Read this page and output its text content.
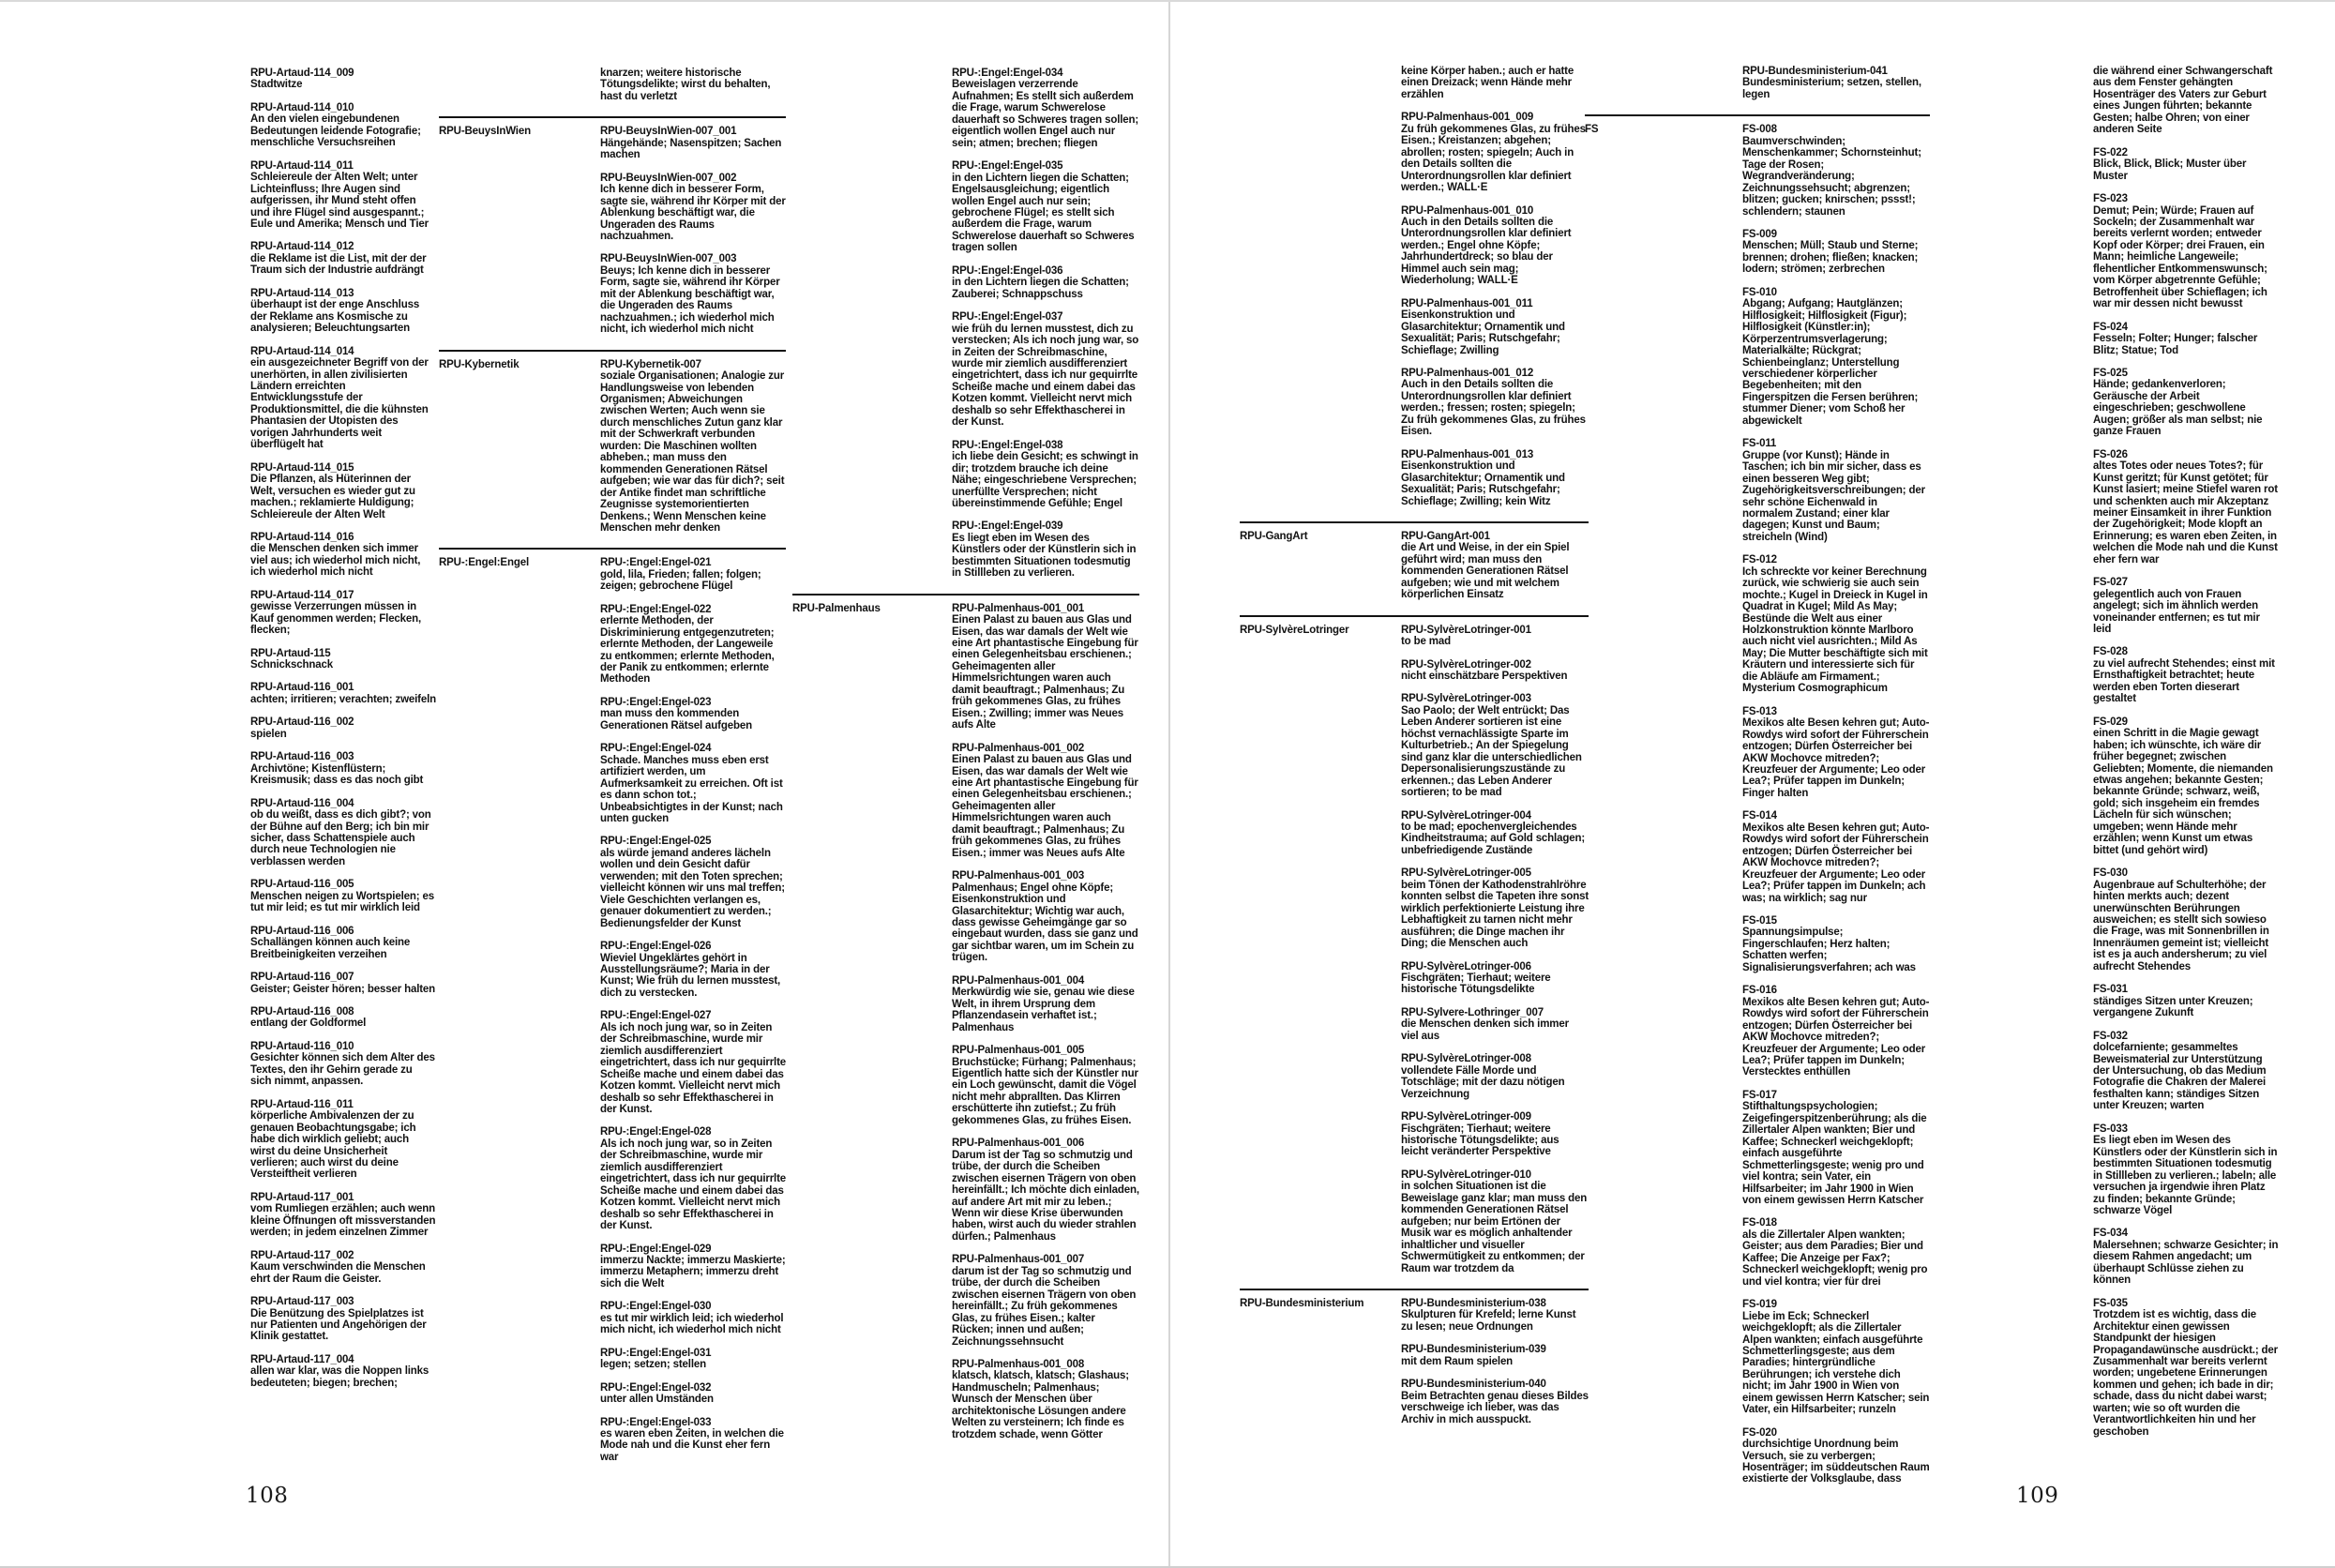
RPU-Artaud-114_009
Stadtwitze
RPU-Artaud-114_010
An den vielen eingebundenen Bedeutungen leidende Fotografie; menschliche Versuchsreihen
RPU-Artaud-114_011
Schleiereule der Alten Welt; unter Lichteinfluss; Ihre Augen sind aufgerissen, ihr Mund steht offen und ihre Flügel sind ausgespannt.; Eule und Amerika; Mensch und Tier
RPU-Artaud-114_012
die Reklame ist die List, mit der der Traum sich der Industrie aufdrängt
RPU-Artaud-114_013
überhaupt ist der enge Anschluss der Reklame ans Kosmische zu analysieren; Beleuchtungsarten
RPU-Artaud-114_014
ein ausgezeichneter Begriff von der unerhörten, in allen zivilisierten Ländern erreichten Entwicklungsstufe der Produktionsmittel, die die kühnsten Phantasien der Utopisten des vorigen Jahrhunderts weit überflügelt hat
RPU-Artaud-114_015
Die Pflanzen, als Hüterinnen der Welt, versuchen es wieder gut zu machen.; reklamierte Huldigung; Schleiereule der Alten Welt
RPU-Artaud-114_016
die Menschen denken sich immer viel aus; ich wiederhol mich nicht, ich wiederhol mich nicht
RPU-Artaud-114_017
gewisse Verzerrungen müssen in Kauf genommen werden; Flecken, flecken;
RPU-Artaud-115
Schnickschnack
RPU-Artaud-116_001
achten; irritieren; verachten; zweifeln
RPU-Artaud-116_002
spielen
RPU-Artaud-116_003
Archivtöne; Kistenflüstern; Kreismusik; dass es das noch gibt
RPU-Artaud-116_004
ob du weißt, dass es dich gibt?; von der Bühne auf den Berg; ich bin mir sicher, dass Schattenspiele auch durch neue Technologien nie verblassen werden
RPU-Artaud-116_005
Menschen neigen zu Wortspielen; es tut mir leid; es tut mir wirklich leid
RPU-Artaud-116_006
Schallängen können auch keine Breitbeinigkeiten verzeihen
RPU-Artaud-116_007
Geister; Geister hören; besser halten
RPU-Artaud-116_008
entlang der Goldformel
RPU-Artaud-116_010
Gesichter können sich dem Alter des Textes, den ihr Gehirn gerade zu sich nimmt, anpassen.
RPU-Artaud-116_011
körperliche Ambivalenzen der zu genauen Beobachtungsgabe; ich habe dich wirklich geliebt; auch wirst du deine Unsicherheit verlieren; auch wirst du deine Versteiftheit verlieren
RPU-Artaud-117_001
vom Rumliegen erzählen; auch wenn kleine Öffnungen oft missverstanden werden; in jedem einzelnen Zimmer
RPU-Artaud-117_002
Kaum verschwinden die Menschen ehrt der Raum die Geister.
RPU-Artaud-117_003
Die Benützung des Spielplatzes ist nur Patienten und Angehörigen der Klinik gestattet.
RPU-Artaud-117_004
allen war klar, was die Noppen links bedeuteten; biegen; brechen;
knarzen; weitere historische Tötungsdelikte; wirst du behalten, hast du verletzt
RPU-BeuysInWien	RPU-BeuysInWien-007_001
Hängehände; Nasenspitzen; Sachen machen
RPU-BeuysInWien-007_002
Ich kenne dich in besserer Form, sagte sie, während ihr Körper mit der Ablenkung beschäftigt war, die Ungeraden des Raums nachzuahmen.
RPU-BeuysInWien-007_003
Beuys; Ich kenne dich in besserer Form, sagte sie, während ihr Körper mit der Ablenkung beschäftigt war, die Ungeraden des Raums nachzuahmen.; ich wiederhol mich nicht, ich wiederhol mich nicht
RPU-Kybernetik	RPU-Kybernetik-007
soziale Organisationen; Analogie zur Handlungsweise von lebenden Organismen; Abweichungen zwischen Werten; Auch wenn sie durch menschliches Zutun ganz klar mit der Schwerkraft verbunden wurden: Die Maschinen wollten abheben.; man muss den kommenden Generationen Rätsel aufgeben; wie war das für dich?; seit der Antike findet man schriftliche Zeugnisse systemorientierten Denkens.; Wenn Menschen keine Menschen mehr denken
RPU-:Engel:Engel	RPU-:Engel:Engel-021
gold, lila, Frieden; fallen; folgen; zeigen; gebrochene Flügel
RPU-:Engel:Engel-022
erlernte Methoden, der Diskriminierung entgegenzutreten; erlernte Methoden, der Langeweile zu entkommen; erlernte Methoden, der Panik zu entkommen; erlernte Methoden
RPU-:Engel:Engel-023
man muss den kommenden Generationen Rätsel aufgeben
RPU-:Engel:Engel-024
Schade. Manches muss eben erst artifiziert werden, um Aufmerksamkeit zu erreichen. Oft ist es dann schon tot.; Unbeabsichtigtes in der Kunst; nach unten gucken
RPU-:Engel:Engel-025
als würde jemand anderes lächeln wollen und dein Gesicht dafür verwenden; mit den Toten sprechen; vielleicht können wir uns mal treffen; Viele Geschichten verlangen es, genauer dokumentiert zu werden.; Bedienungsfelder der Kunst
RPU-:Engel:Engel-026
Wieviel Ungeklärtes gehört in Ausstellungsräume?; Maria in der Kunst; Wie früh du lernen musstest, dich zu verstecken.
RPU-:Engel:Engel-027
Als ich noch jung war, so in Zeiten der Schreibmaschine, wurde mir ziemlich ausdifferenziert eingetrichtert, dass ich nur gequirrlte Scheiße mache und einem dabei das Kotzen kommt. Vielleicht nervt mich deshalb so sehr Effekthascherei in der Kunst.
RPU-:Engel:Engel-028
Als ich noch jung war, so in Zeiten der Schreibmaschine, wurde mir ziemlich ausdifferenziert eingetrichtert, dass ich nur gequirrlte Scheiße mache und einem dabei das Kotzen kommt. Vielleicht nervt mich deshalb so sehr Effekthascherei in der Kunst.
RPU-:Engel:Engel-029
immerzu Nackte; immerzu Maskierte; immerzu Metaphern; immerzu dreht sich die Welt
RPU-:Engel:Engel-030
es tut mir wirklich leid; ich wiederhol mich nicht, ich wiederhol mich nicht
RPU-:Engel:Engel-031
legen; setzen; stellen
RPU-:Engel:Engel-032
unter allen Umständen
RPU-:Engel:Engel-033
es waren eben Zeiten, in welchen die Mode nah und die Kunst eher fern war
RPU-:Engel:Engel-034
Beweislagen verzerrende Aufnahmen; Es stellt sich außerdem die Frage, warum Schwerelose dauerhaft so Schweres tragen sollen; eigentlich wollen Engel auch nur sein; atmen; brechen; fliegen
RPU-:Engel:Engel-035
in den Lichtern liegen die Schatten; Engelsausgleichung; eigentlich wollen Engel auch nur sein; gebrochene Flügel; es stellt sich außerdem die Frage, warum Schwerelose dauerhaft so Schweres tragen sollen
RPU-:Engel:Engel-036
in den Lichtern liegen die Schatten; Zauberei; Schnappschuss
RPU-:Engel:Engel-037
wie früh du lernen musstest, dich zu verstecken; Als ich noch jung war, so in Zeiten der Schreibmaschine, wurde mir ziemlich ausdifferenziert eingetrichtert, dass ich nur gequirrlte Scheiße mache und einem dabei das Kotzen kommt. Vielleicht nervt mich deshalb so sehr Effekthascherei in der Kunst.
RPU-:Engel:Engel-038
ich liebe dein Gesicht; es schwingt in dir; trotzdem brauche ich deine Nähe; eingeschriebene Versprechen; unerfüllte Versprechen; nicht übereinstimmende Gefühle; Engel
RPU-:Engel:Engel-039
Es liegt eben im Wesen des Künstlers oder der Künstlerin sich in bestimmten Situationen todesmutig in Stillleben zu verlieren.
RPU-Palmenhaus	RPU-Palmenhaus-001_001
Einen Palast zu bauen aus Glas und Eisen, das war damals der Welt wie eine Art phantastische Eingebung für einen Gelegenheitsbau erschienen.; Geheimagenten aller Himmelsrichtungen waren auch damit beauftragt.; Palmenhaus; Zu früh gekommenes Glas, zu frühes Eisen.; Zwilling; immer was Neues aufs Alte
RPU-Palmenhaus-001_002
Einen Palast zu bauen aus Glas und Eisen, das war damals der Welt wie eine Art phantastische Eingebung für einen Gelegenheitsbau erschienen.; Geheimagenten aller Himmelsrichtungen waren auch damit beauftragt.; Palmenhaus; Zu früh gekommenes Glas, zu frühes Eisen.; immer was Neues aufs Alte
RPU-Palmenhaus-001_003
Palmenhaus; Engel ohne Köpfe; Eisenkonstruktion und Glasarchitektur; Wichtig war auch, dass gewisse Geheimgänge gar so eingebaut wurden, dass sie ganz und gar sichtbar waren, um im Schein zu trügen.
RPU-Palmenhaus-001_004
Merkwürdig wie sie, genau wie diese Welt, in ihrem Ursprung dem Pflanzendasein verhaftet ist.; Palmenhaus
RPU-Palmenhaus-001_005
Bruchstücke; Fürhang; Palmenhaus; Eigentlich hatte sich der Künstler nur ein Loch gewünscht, damit die Vögel nicht mehr abprallten. Das Klirren erschütterte ihn zutiefst.; Zu früh gekommenes Glas, zu frühes Eisen.
RPU-Palmenhaus-001_006
Darum ist der Tag so schmutzig und trübe, der durch die Scheiben zwischen eisernen Trägern von oben hereinfällt.; Ich möchte dich einladen, auf andere Art mit mir zu leben.; Wenn wir diese Krise überwunden haben, wirst auch du wieder strahlen dürfen.; Palmenhaus
RPU-Palmenhaus-001_007
darum ist der Tag so schmutzig und trübe, der durch die Scheiben zwischen eisernen Trägern von oben hereinfällt.; Zu früh gekommenes Glas, zu frühes Eisen.; kalter Rücken; innen und außen; Zeichnungssehnsucht
RPU-Palmenhaus-001_008
klatsch, klatsch, klatsch; Glashaus; Handmuscheln; Palmenhaus; Wunsch der Menschen über architektonische Lösungen andere Welten zu versteinern; Ich finde es trotzdem schade, wenn Götter
108
keine Körper haben.; auch er hatte einen Dreizack; wenn Hände mehr erzählen
RPU-Palmenhaus-001_009
Zu früh gekommenes Glas, zu frühes Eisen.; Kreistanzen; abgehen; abrollen; rosten; spiegeln; Auch in den Details sollten die Unterordnungsrollen klar definiert werden.; WALL·E
RPU-Palmenhaus-001_010
Auch in den Details sollten die Unterordnungsrollen klar definiert werden.; Engel ohne Köpfe; Jahrhundertdreck; so blau der Himmel auch sein mag; Wiederholung; WALL·E
RPU-Palmenhaus-001_011
Eisenkonstruktion und Glasarchitektur; Ornamentik und Sexualität; Paris; Rutschgefahr; Schieflage; Zwilling
RPU-Palmenhaus-001_012
Auch in den Details sollten die Unterordnungsrollen klar definiert werden.; fressen; rosten; spiegeln; Zu früh gekommenes Glas, zu frühes Eisen.
RPU-Palmenhaus-001_013
Eisenkonstruktion und Glasarchitektur; Ornamentik und Sexualität; Paris; Rutschgefahr; Schieflage; Zwilling; kein Witz
RPU-GangArt	RPU-GangArt-001
die Art und Weise, in der ein Spiel geführt wird; man muss den kommenden Generationen Rätsel aufgeben; wie und mit welchem körperlichen Einsatz
RPU-SylvèreLotringer	RPU-SylvèreLotringer-001
to be mad
RPU-SylvèreLotringer-002
nicht einschätzbare Perspektiven
RPU-SylvèreLotringer-003
Sao Paolo; der Welt entrückt; Das Leben Anderer sortieren ist eine höchst vernachlässigte Sparte im Kulturbetrieb.; An der Spiegelung sind ganz klar die unterschiedlichen Depersonalisierungszustände zu erkennen.; das Leben Anderer sortieren; to be mad
RPU-SylvèreLotringer-004
to be mad; epochenvergleichendes Kindheitstrauma; auf Gold schlagen; unbefriedigende Zustände
RPU-SylvèreLotringer-005
beim Tönen der Kathodenstrahlröhre konnten selbst die Tapeten ihre sonst wirklich perfektionierte Leistung ihre Lebhaftigkeit zu tarnen nicht mehr ausführen; die Dinge machen ihr Ding; die Menschen auch
RPU-SylvèreLotringer-006
Fischgräten; Tierhaut; weitere historische Tötungsdelikte
RPU-Sylvere-Lothringer_007
die Menschen denken sich immer viel aus
RPU-SylvèreLotringer-008
vollendete Fälle Morde und Totschläge; mit der dazu nötigen Verzeichnung
RPU-SylvèreLotringer-009
Fischgräten; Tierhaut; weitere historische Tötungsdelikte; aus leicht veränderter Perspektive
RPU-SylvèreLotringer-010
in solchen Situationen ist die Beweislage ganz klar; man muss den kommenden Generationen Rätsel aufgeben; nur beim Ertönen der Musik war es möglich anhaltender inhaltlicher und visueller Schwermütigkeit zu entkommen; der Raum war trotzdem da
RPU-Bundesministerium	RPU-Bundesministerium-038
Skulpturen für Krefeld; lerne Kunst zu lesen; neue Ordnungen
RPU-Bundesministerium-039
mit dem Raum spielen
RPU-Bundesministerium-040
Beim Betrachten genau dieses Bildes verschweige ich lieber, was das Archiv in mich ausspuckt.
RPU-Bundesministerium-041
Bundesministerium; setzen, stellen, legen
FS	FS-008
Baumverschwinden; Menschenkammer; Schornsteinhut; Tage der Rosen; Wegrandveränderung; Zeichnungssehsucht; abgrenzen; blitzen; gucken; knirschen; pssst!; schlendern; staunen
FS-009
Menschen; Müll; Staub und Sterne; brennen; drohen; fließen; knacken; lodern; strömen; zerbrechen
FS-010
Abgang; Aufgang; Hautglänzen; Hilflosigkeit; Hilflosigkeit (Figur); Hilflosigkeit (Künstler:in); Körperzentrumsverlagerung; Materialkälte; Rückgrat; Schienbeinglanz; Unterstellung verschiedener körperlicher Begebenheiten; mit den Fingerspitzen die Fersen berühren; stummer Diener; vom Schoß her abgewickelt
FS-011
Gruppe (vor Kunst); Hände in Taschen; ich bin mir sicher, dass es einen besseren Weg gibt; Zugehörigkeitsverschreibungen; der sehr schöne Eichenwald in normalem Zustand; einer klar dagegen; Kunst und Baum; streicheln (Wind)
FS-012
Ich schreckte vor keiner Berechnung zurück, wie schwierig sie auch sein mochte.; Kugel in Dreieck in Kugel in Quadrat in Kugel; Mild As May; Bestünde die Welt aus einer Holzkonstruktion könnte Marlboro auch nicht viel ausrichten.; Mild As May; Die Mutter beschäftigte sich mit Kräutern und interessierte sich für die Abläufe am Firmament.; Mysterium Cosmographicum
FS-013
Mexikos alte Besen kehren gut; Auto-Rowdys wird sofort der Führerschein entzogen; Dürfen Österreicher bei AKW Mochovce mitreden?; Kreuzfeuer der Argumente; Leo oder Lea?; Prüfer tappen im Dunkeln; Finger halten
FS-014
Mexikos alte Besen kehren gut; Auto-Rowdys wird sofort der Führerschein entzogen; Dürfen Österreicher bei AKW Mochovce mitreden?; Kreuzfeuer der Argumente; Leo oder Lea?; Prüfer tappen im Dunkeln; ach was; na wirklich; sag nur
FS-015
Spannungsimpulse; Fingerschlaufen; Herz halten; Schatten werfen; Signalisierungsverfahren; ach was
FS-016
Mexikos alte Besen kehren gut; Auto-Rowdys wird sofort der Führerschein entzogen; Dürfen Österreicher bei AKW Mochovce mitreden?; Kreuzfeuer der Argumente; Leo oder Lea?; Prüfer tappen im Dunkeln; Verstecktes enthüllen
FS-017
Stifthaltungspsychologien; Zeigefingerspitzenberührung; als die Zillertaler Alpen wankten; Bier und Kaffee; Schneckerl weichgeklopft; einfach ausgeführte Schmetterlingsgeste; wenig pro und viel kontra; sein Vater, ein Hilfsarbeiter; im Jahr 1900 in Wien von einem gewissen Herrn Katscher
FS-018
als die Zillertaler Alpen wankten; Geister; aus dem Paradies; Bier und Kaffee; Die Anzeige per Fax?; Schneckerl weichgeklopft; wenig pro und viel kontra; vier für drei
FS-019
Liebe im Eck; Schneckerl weichgeklopft; als die Zillertaler Alpen wankten; einfach ausgeführte Schmetterlingsgeste; aus dem Paradies; hintergründliche Berührungen; ich verstehe dich nicht; im Jahr 1900 in Wien von einem gewissen Herrn Katscher; sein Vater, ein Hilfsarbeiter; runzeln
FS-020
durchsichtige Unordnung beim Versuch, sie zu verbergen; Hosenträger; im süddeutschen Raum existierte der Volksglaube, dass
die während einer Schwangerschaft aus dem Fenster gehängten Hosenträger des Vaters zur Geburt eines Jungen führten; bekannte Gesten; halbe Ohren; von einer anderen Seite
FS-022
Blick, Blick, Blick; Muster über Muster
FS-023
Demut; Pein; Würde; Frauen auf Sockeln; der Zusammenhalt war bereits verlernt worden; entweder Kopf oder Körper; drei Frauen, ein Mann; heimliche Langeweile; flehentlicher Entkommenswunsch; vom Körper abgetrennte Gefühle; Betroffenheit über Schieflagen; ich war mir dessen nicht bewusst
FS-024
Fesseln; Folter; Hunger; falscher Blitz; Statue; Tod
FS-025
Hände; gedankenverloren; Geräusche der Arbeit eingeschrieben; geschwollene Augen; größer als man selbst; nie ganze Frauen
FS-026
altes Totes oder neues Totes?; für Kunst geritzt; für Kunst getötet; für Kunst lasiert; meine Stiefel waren rot und schenkten auch mir Akzeptanz meiner Einsamkeit in ihrer Funktion der Zugehörigkeit; Mode klopft an Erinnerung; es waren eben Zeiten, in welchen die Mode nah und die Kunst eher fern war
FS-027
gelegentlich auch von Frauen angelegt; sich im ähnlich werden voneinander entfernen; es tut mir leid
FS-028
zu viel aufrecht Stehendes; einst mit Ernsthaftigkeit betrachtet; heute werden eben Torten dieserart gestaltet
FS-029
einen Schritt in die Magie gewagt haben; ich wünschte, ich wäre dir früher begegnet; zwischen Geliebten; Momente, die niemanden etwas angehen; bekannte Gesten; bekannte Gründe; schwarz, weiß, gold; sich insgeheim ein fremdes Lächeln für sich wünschen; umgeben; wenn Hände mehr erzählen; wenn Kunst um etwas bittet (und gehört wird)
FS-030
Augenbraue auf Schulterhöhe; der hinten merkts auch; dezent unerwünschten Berührungen ausweichen; es stellt sich sowieso die Frage, was mit Sonnenbrillen in Innenräumen gemeint ist; vielleicht ist es ja auch andersherum; zu viel aufrecht Stehendes
FS-031
ständiges Sitzen unter Kreuzen; vergangene Zukunft
FS-032
dolcefarniente; gesammeltes Beweismaterial zur Unterstützung der Untersuchung, ob das Medium Fotografie die Chakren der Malerei festhalten kann; ständiges Sitzen unter Kreuzen; warten
FS-033
Es liegt eben im Wesen des Künstlers oder der Künstlerin sich in bestimmten Situationen todesmutig in Stillleben zu verlieren.; labeln; alle versuchen ja irgendwie ihren Platz zu finden; bekannte Gründe; schwarze Vögel
FS-034
Malersehnen; schwarze Gesichter; in diesem Rahmen angedacht; um überhaupt Schlüsse ziehen zu können
FS-035
Trotzdem ist es wichtig, dass die Architektur einen gewissen Standpunkt der hiesigen Propagandawünsche ausdrückt.; der Zusammenhalt war bereits verlernt worden; ungebetene Erinnerungen kommen und gehen; ich bade in dir; schade, dass du nicht dabei warst; warten; wie so oft wurden die Verantwortlichkeiten hin und her geschoben
109
